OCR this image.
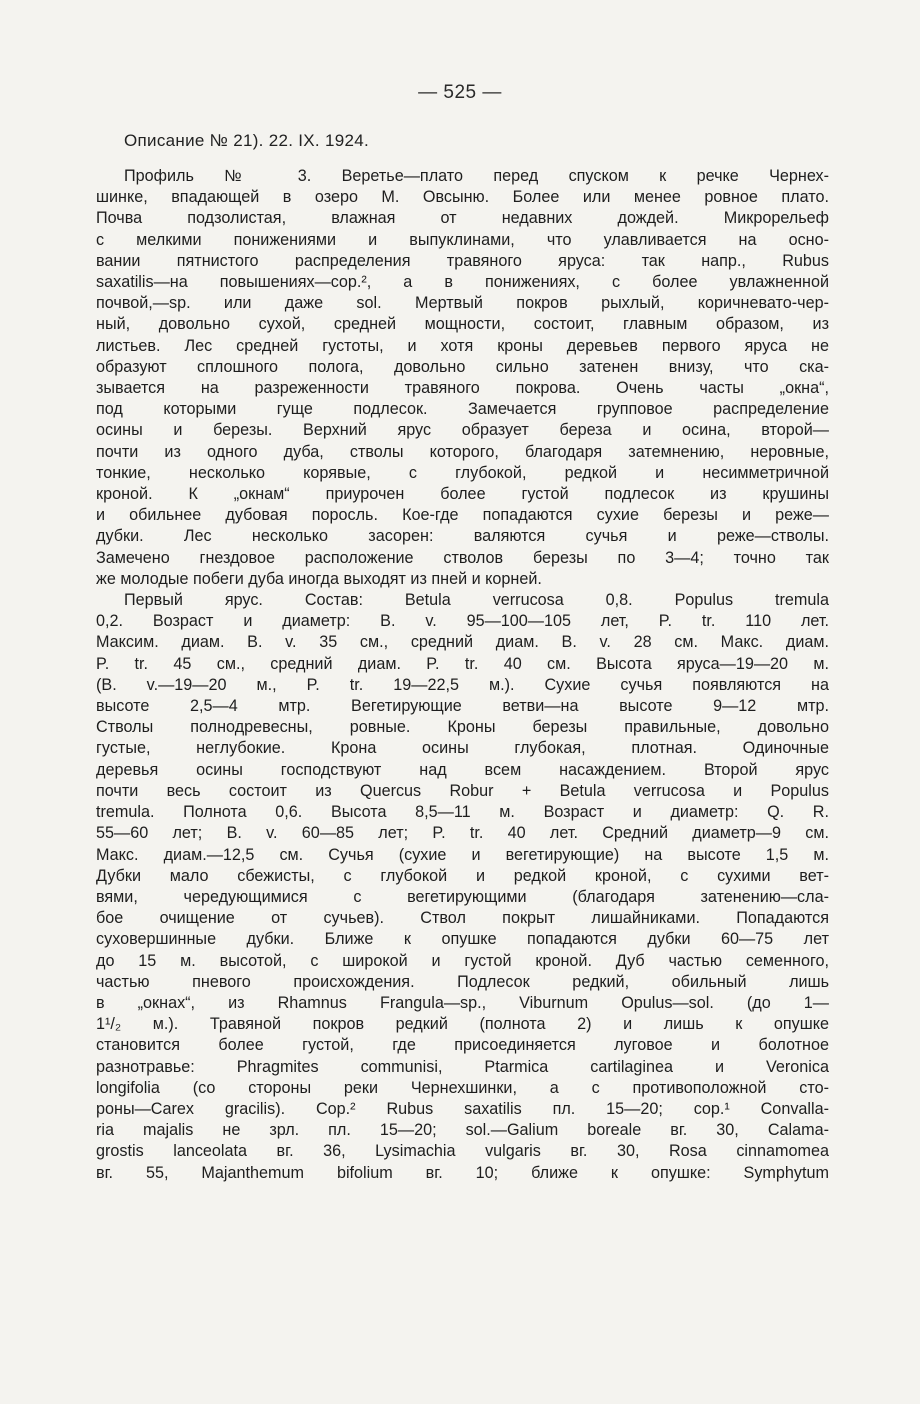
— 525 —
Описание № 21). 22. IX. 1924.
Профиль № 3. Веретье—плато перед спуском к речке Чернех-
шинке, впадающей в озеро М. Овсыню. Более или менее ровное плато.
Почва подзолистая, влажная от недавних дождей. Микрорельеф
с мелкими понижениями и выпуклинами, что улавливается на осно-
вании пятнистого распределения травяного яруса: так напр., Rubus
saxatilis—на повышениях—cop.², а в понижениях, с более увлажненной
почвой,—sp. или даже sol. Мертвый покров рыхлый, коричневато-чер-
ный, довольно сухой, средней мощности, состоит, главным образом, из
листьев. Лес средней густоты, и хотя кроны деревьев первого яруса не
образуют сплошного полога, довольно сильно затенен внизу, что ска-
зывается на разреженности травяного покрова. Очень часты „окна“,
под которыми гуще подлесок. Замечается групповое распределение
осины и березы. Верхний ярус образует береза и осина, второй—
почти из одного дуба, стволы которого, благодаря затемнению, неровные,
тонкие, несколько корявые, с глубокой, редкой и несимметричной
кроной. К „окнам“ приурочен более густой подлесок из крушины
и обильнее дубовая поросль. Кое-где попадаются сухие березы и реже—
дубки. Лес несколько засорен: валяются сучья и реже—стволы.
Замечено гнездовое расположение стволов березы по 3—4; точно так
же молодые побеги дуба иногда выходят из пней и корней.
Первый ярус. Состав: Betula verrucosa 0,8. Populus tremula
0,2. Возраст и диаметр: B. v. 95—100—105 лет, P. tr. 110 лет.
Максим. диам. B. v. 35 см., средний диам. B. v. 28 см. Макс. диам.
P. tr. 45 см., средний диам. P. tr. 40 см. Высота яруса—19—20 м.
(B. v.—19—20 м., P. tr. 19—22,5 м.). Сухие сучья появляются на
высоте 2,5—4 мтр. Вегетирующие ветви—на высоте 9—12 мтр.
Стволы полнодревесны, ровные. Кроны березы правильные, довольно
густые, неглубокие. Крона осины глубокая, плотная. Одиночные
деревья осины господствуют над всем насаждением. Второй ярус
почти весь состоит из Quercus Robur + Betula verrucosa и Populus
tremula. Полнота 0,6. Высота 8,5—11 м. Возраст и диаметр: Q. R.
55—60 лет; B. v. 60—85 лет; P. tr. 40 лет. Средний диаметр—9 см.
Макс. диам.—12,5 см. Сучья (сухие и вегетирующие) на высоте 1,5 м.
Дубки мало сбежисты, с глубокой и редкой кроной, с сухими вет-
вями, чередующимися с вегетирующими (благодаря затенению—сла-
бое очищение от сучьев). Ствол покрыт лишайниками. Попадаются
суховершинные дубки. Ближе к опушке попадаются дубки 60—75 лет
до 15 м. высотой, с широкой и густой кроной. Дуб частью семенного,
частью пневого происхождения. Подлесок редкий, обильный лишь
в „окнах“, из Rhamnus Frangula—sp., Viburnum Opulus—sol. (до 1—
1¹/₂ м.). Травяной покров редкий (полнота 2) и лишь к опушке
становится более густой, где присоединяется луговое и болотное
разнотравье: Phragmites communisi, Ptarmica cartilaginea и Veronica
longifolia (со стороны реки Чернехшинки, а с противоположной сто-
роны—Carex gracilis). Cop.² Rubus saxatilis пл. 15—20; cop.¹ Convalla-
ria majalis не зрл. пл. 15—20; sol.—Galium boreale вг. 30, Calama-
grostis lanceolata вг. 36, Lysimachia vulgaris вг. 30, Rosa cinnamomea
вг. 55, Majanthemum bifolium вг. 10; ближе к опушке: Symphytum
